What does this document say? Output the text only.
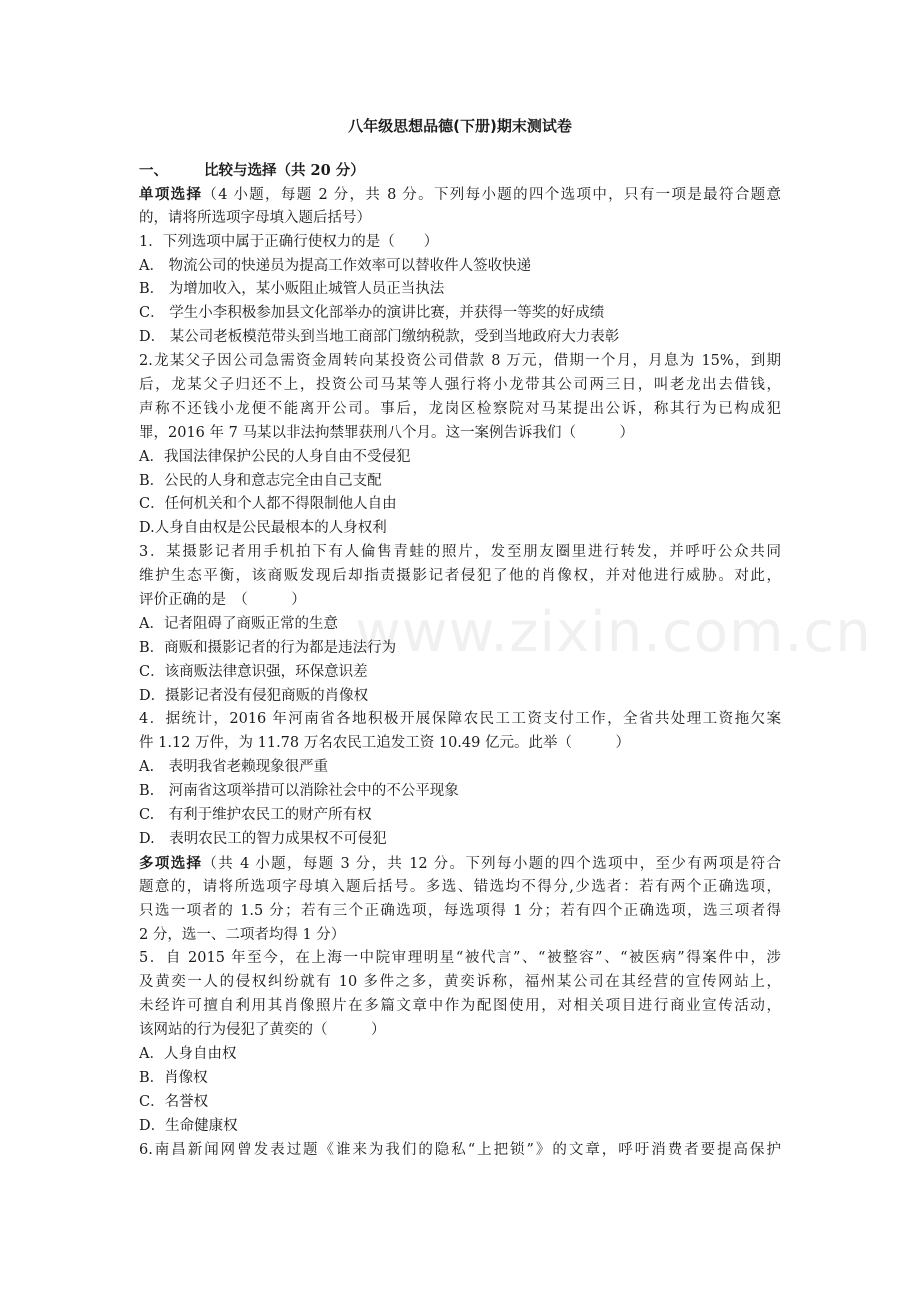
八年级思想品德(下册)期末测试卷
www.zixin.com.cn
一、 比较与选择（共 20 分）
单项选择（4 小题，每题 2 分，共 8 分。下列每小题的四个选项中，只有一项是最符合题意
的，请将所选项字母填入题后括号）
1．下列选项中属于正确行使权力的是（　　）
A． 物流公司的快递员为提高工作效率可以替收件人签收快递
B． 为增加收入，某小贩阻止城管人员正当执法
C． 学生小李积极参加县文化部举办的演讲比赛，并获得一等奖的好成绩
D． 某公司老板模范带头到当地工商部门缴纳税款，受到当地政府大力表彰
2.龙某父子因公司急需资金周转向某投资公司借款 8 万元，借期一个月，月息为 15%，到期
后，龙某父子归还不上，投资公司马某等人强行将小龙带其公司两三日，叫老龙出去借钱，
声称不还钱小龙便不能离开公司。事后，龙岗区检察院对马某提出公诉，称其行为已构成犯
罪，2016 年 7 马某以非法拘禁罪获刑八个月。这一案例告诉我们（　　　）
A．我国法律保护公民的人身自由不受侵犯
B．公民的人身和意志完全由自己支配
C．任何机关和个人都不得限制他人自由
D.人身自由权是公民最根本的人身权利
3．某摄影记者用手机拍下有人倫售青蛙的照片，发至朋友圈里进行转发，并呼吁公众共同
维护生态平衡，该商贩发现后却指责摄影记者侵犯了他的肖像权，并对他进行威胁。对此，
评价正确的是　（　　　）
A．记者阻碍了商贩正常的生意
B．商贩和摄影记者的行为都是违法行为
C．该商贩法律意识强，环保意识差
D．摄影记者没有侵犯商贩的肖像权
4．据统计，2016 年河南省各地积极开展保障农民工工资支付工作，全省共处理工资拖欠案
件 1.12 万件，为 11.78 万名农民工追发工资 10.49 亿元。此举（　　　）
A.　表明我省老赖现象很严重
B.　河南省这项举措可以消除社会中的不公平现象
C.　有利于维护农民工的财产所有权
D.　表明农民工的智力成果权不可侵犯
多项选择（共 4 小题，每题 3 分，共 12 分。下列每小题的四个选项中，至少有两项是符合
题意的，请将所选项字母填入题后括号。多选、错选均不得分,少选者：若有两个正确选项，
只选一项者的 1.5 分；若有三个正确选项，每选项得 1 分；若有四个正确选项，选三项者得
2 分，选一、二项者均得 1 分）
5．自 2015 年至今，在上海一中院审理明星“被代言”、“被整容”、“被医病”得案件中，涉
及黄奕一人的侵权纠纷就有 10 多件之多，黄奕诉称，福州某公司在其经营的宣传网站上，
未经许可擅自利用其肖像照片在多篇文章中作为配图使用，对相关项目进行商业宣传活动，
该网站的行为侵犯了黄奕的（　　　）
A．人身自由权
B．肖像权
C．名誉权
D．生命健康权
6.南昌新闻网曾发表过题《谁来为我们的隐私“上把锁”》的文章，呼吁消费者要提高保护
